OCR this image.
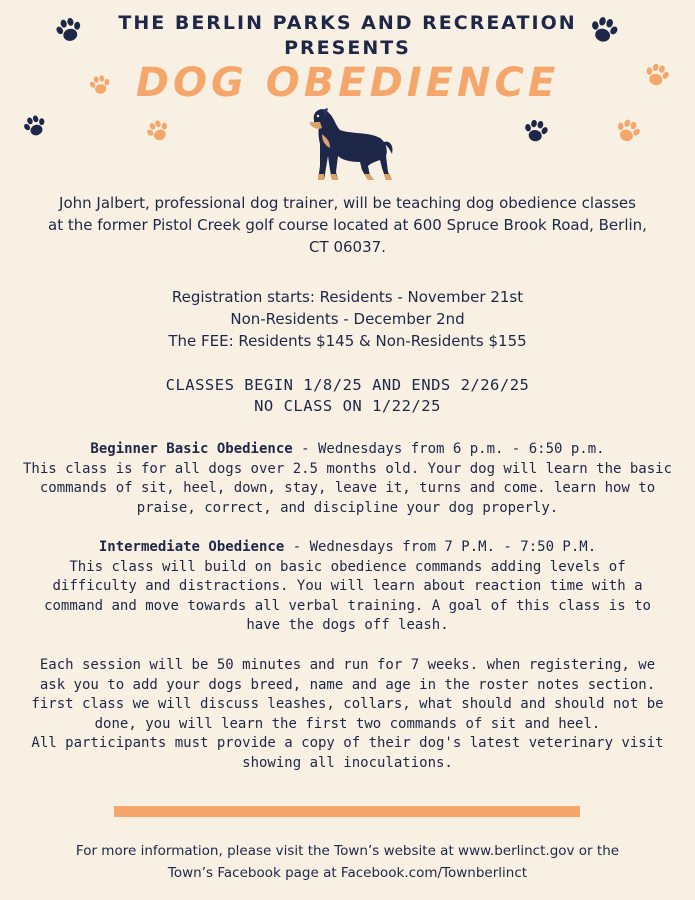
THE BERLIN PARKS AND RECREATION
PRESENTS
DOG OBEDIENCE
John Jalbert, professional dog trainer, will be teaching dog obedience classes
at the former Pistol Creek golf course located at 600 Spruce Brook Road, Berlin,
CT 06037.
Registration starts: Residents - November 21st
Non-Residents - December 2nd
The FEE: Residents $145 & Non-Residents $155
CLASSES BEGIN 1/8/25 AND ENDS 2/26/25
NO CLASS ON 1/22/25
Beginner Basic Obedience - Wednesdays from 6 p.m. - 6:50 p.m.
This class is for all dogs over 2.5 months old. Your dog will learn the basic
commands of sit, heel, down, stay, leave it, turns and come. learn how to
praise, correct, and discipline your dog properly.
Intermediate Obedience - Wednesdays from 7 P.M. - 7:50 P.M.
This class will build on basic obedience commands adding levels of
difficulty and distractions. You will learn about reaction time with a
command and move towards all verbal training. A goal of this class is to
have the dogs off leash.
Each session will be 50 minutes and run for 7 weeks. when registering, we
ask you to add your dogs breed, name and age in the roster notes section.
first class we will discuss leashes, collars, what should and should not be
done, you will learn the first two commands of sit and heel.
All participants must provide a copy of their dog's latest veterinary visit
showing all inoculations.
For more information, please visit the Town’s website at www.berlinct.gov or the
Town’s Facebook page at Facebook.com/Townberlinct
